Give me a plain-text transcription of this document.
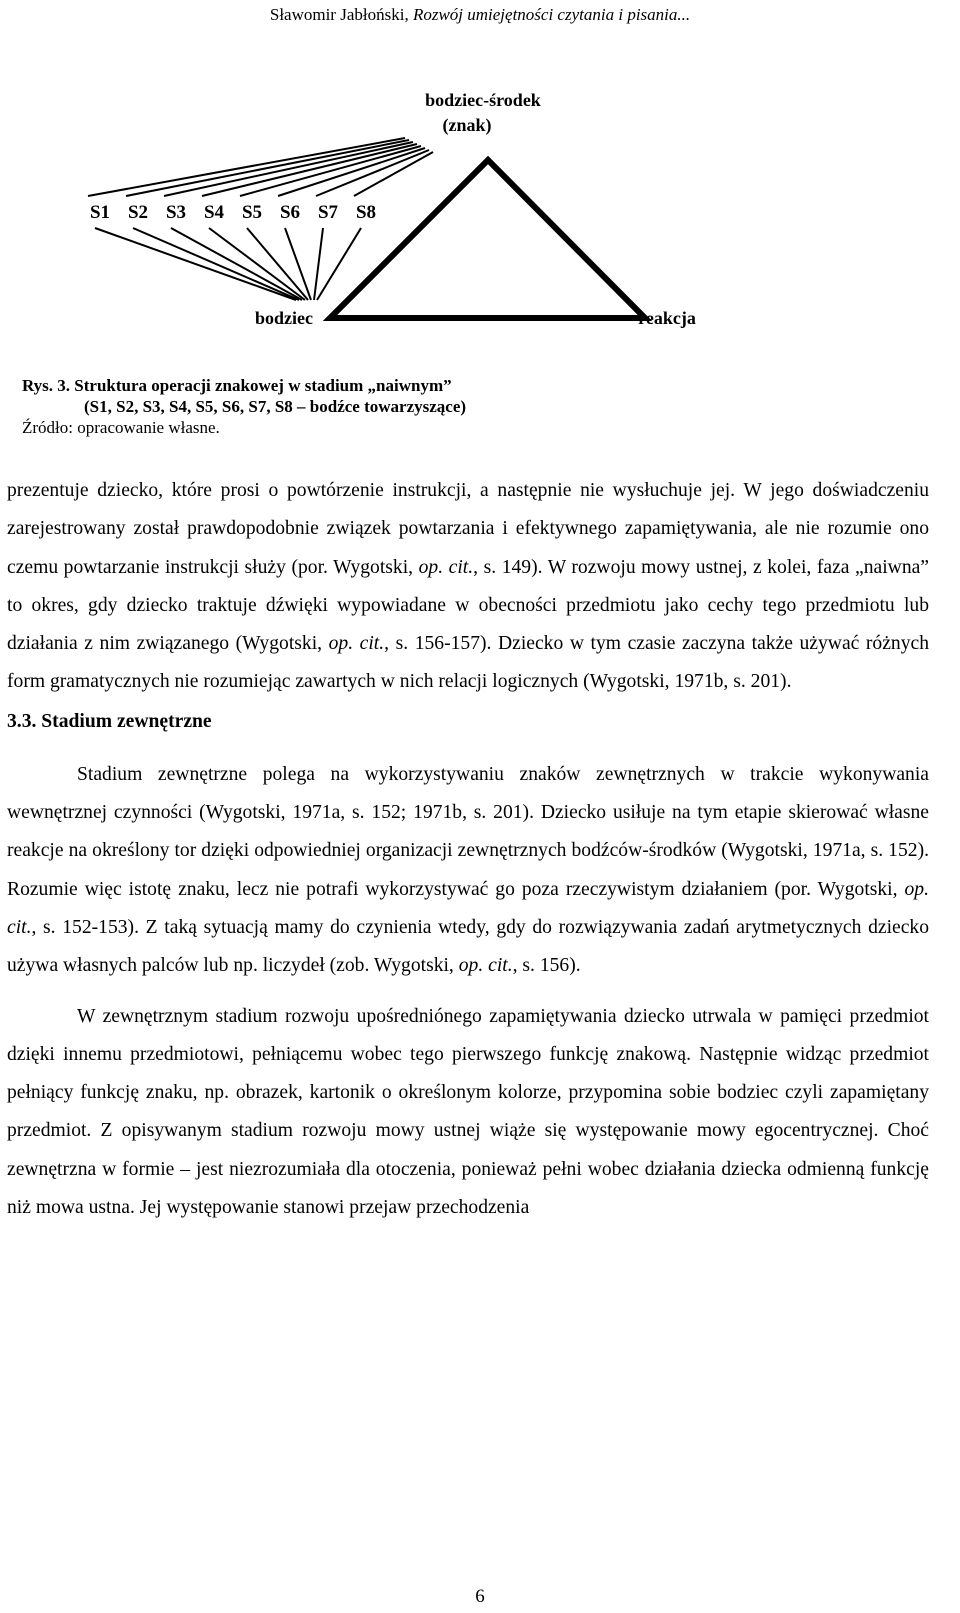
Sławomir Jabłoński, Rozwój umiejętności czytania i pisania...
bodziec-środek
(znak)
S1 S2 S3 S4 S5 S6 S7 S8
bodziec	reakcja
Rys. 3. Struktura operacji znakowej w stadium „naiwnym”
(S1, S2, S3, S4, S5, S6, S7, S8 – bodźce towarzyszące)
Źródło: opracowanie własne.

prezentuje dziecko, które prosi o powtórzenie instrukcji, a następnie nie wysłuchuje jej. W jego doświadczeniu zarejestrowany został prawdopodobnie związek powtarzania i efektywnego zapamiętywania, ale nie rozumie ono czemu powtarzanie instrukcji służy (por. Wygotski, op. cit., s. 149). W rozwoju mowy ustnej, z kolei, faza „naiwna” to okres, gdy dziecko traktuje dźwięki wypowiadane w obecności przedmiotu jako cechy tego przedmiotu lub działania z nim związanego (Wygotski, op. cit., s. 156-157). Dziecko w tym czasie zaczyna także używać różnych form gramatycznych nie rozumiejąc zawartych w nich relacji logicznych (Wygotski, 1971b, s. 201).

3.3. Stadium zewnętrzne

Stadium zewnętrzne polega na wykorzystywaniu znaków zewnętrznych w trakcie wykonywania wewnętrznej czynności (Wygotski, 1971a, s. 152; 1971b, s. 201). Dziecko usiłuje na tym etapie skierować własne reakcje na określony tor dzięki odpowiedniej organizacji zewnętrznych bodźców-środków (Wygotski, 1971a, s. 152). Rozumie więc istotę znaku, lecz nie potrafi wykorzystywać go poza rzeczywistym działaniem (por. Wygotski, op. cit., s. 152-153). Z taką sytuacją mamy do czynienia wtedy, gdy do rozwiązywania zadań arytmetycznych dziecko używa własnych palców lub np. liczydeł (zob. Wygotski, op. cit., s. 156).

W zewnętrznym stadium rozwoju upośredniónego zapamiętywania dziecko utrwala w pamięci przedmiot dzięki innemu przedmiotowi, pełniącemu wobec tego pierwszego funkcję znakową. Następnie widząc przedmiot pełniący funkcję znaku, np. obrazek, kartonik o określonym kolorze, przypomina sobie bodziec czyli zapamiętany przedmiot. Z opisywanym stadium rozwoju mowy ustnej wiąże się występowanie mowy egocentrycznej. Choć zewnętrzna w formie – jest niezrozumiała dla otoczenia, ponieważ pełni wobec działania dziecka odmienną funkcję niż mowa ustna. Jej występowanie stanowi przejaw przechodzenia

6
